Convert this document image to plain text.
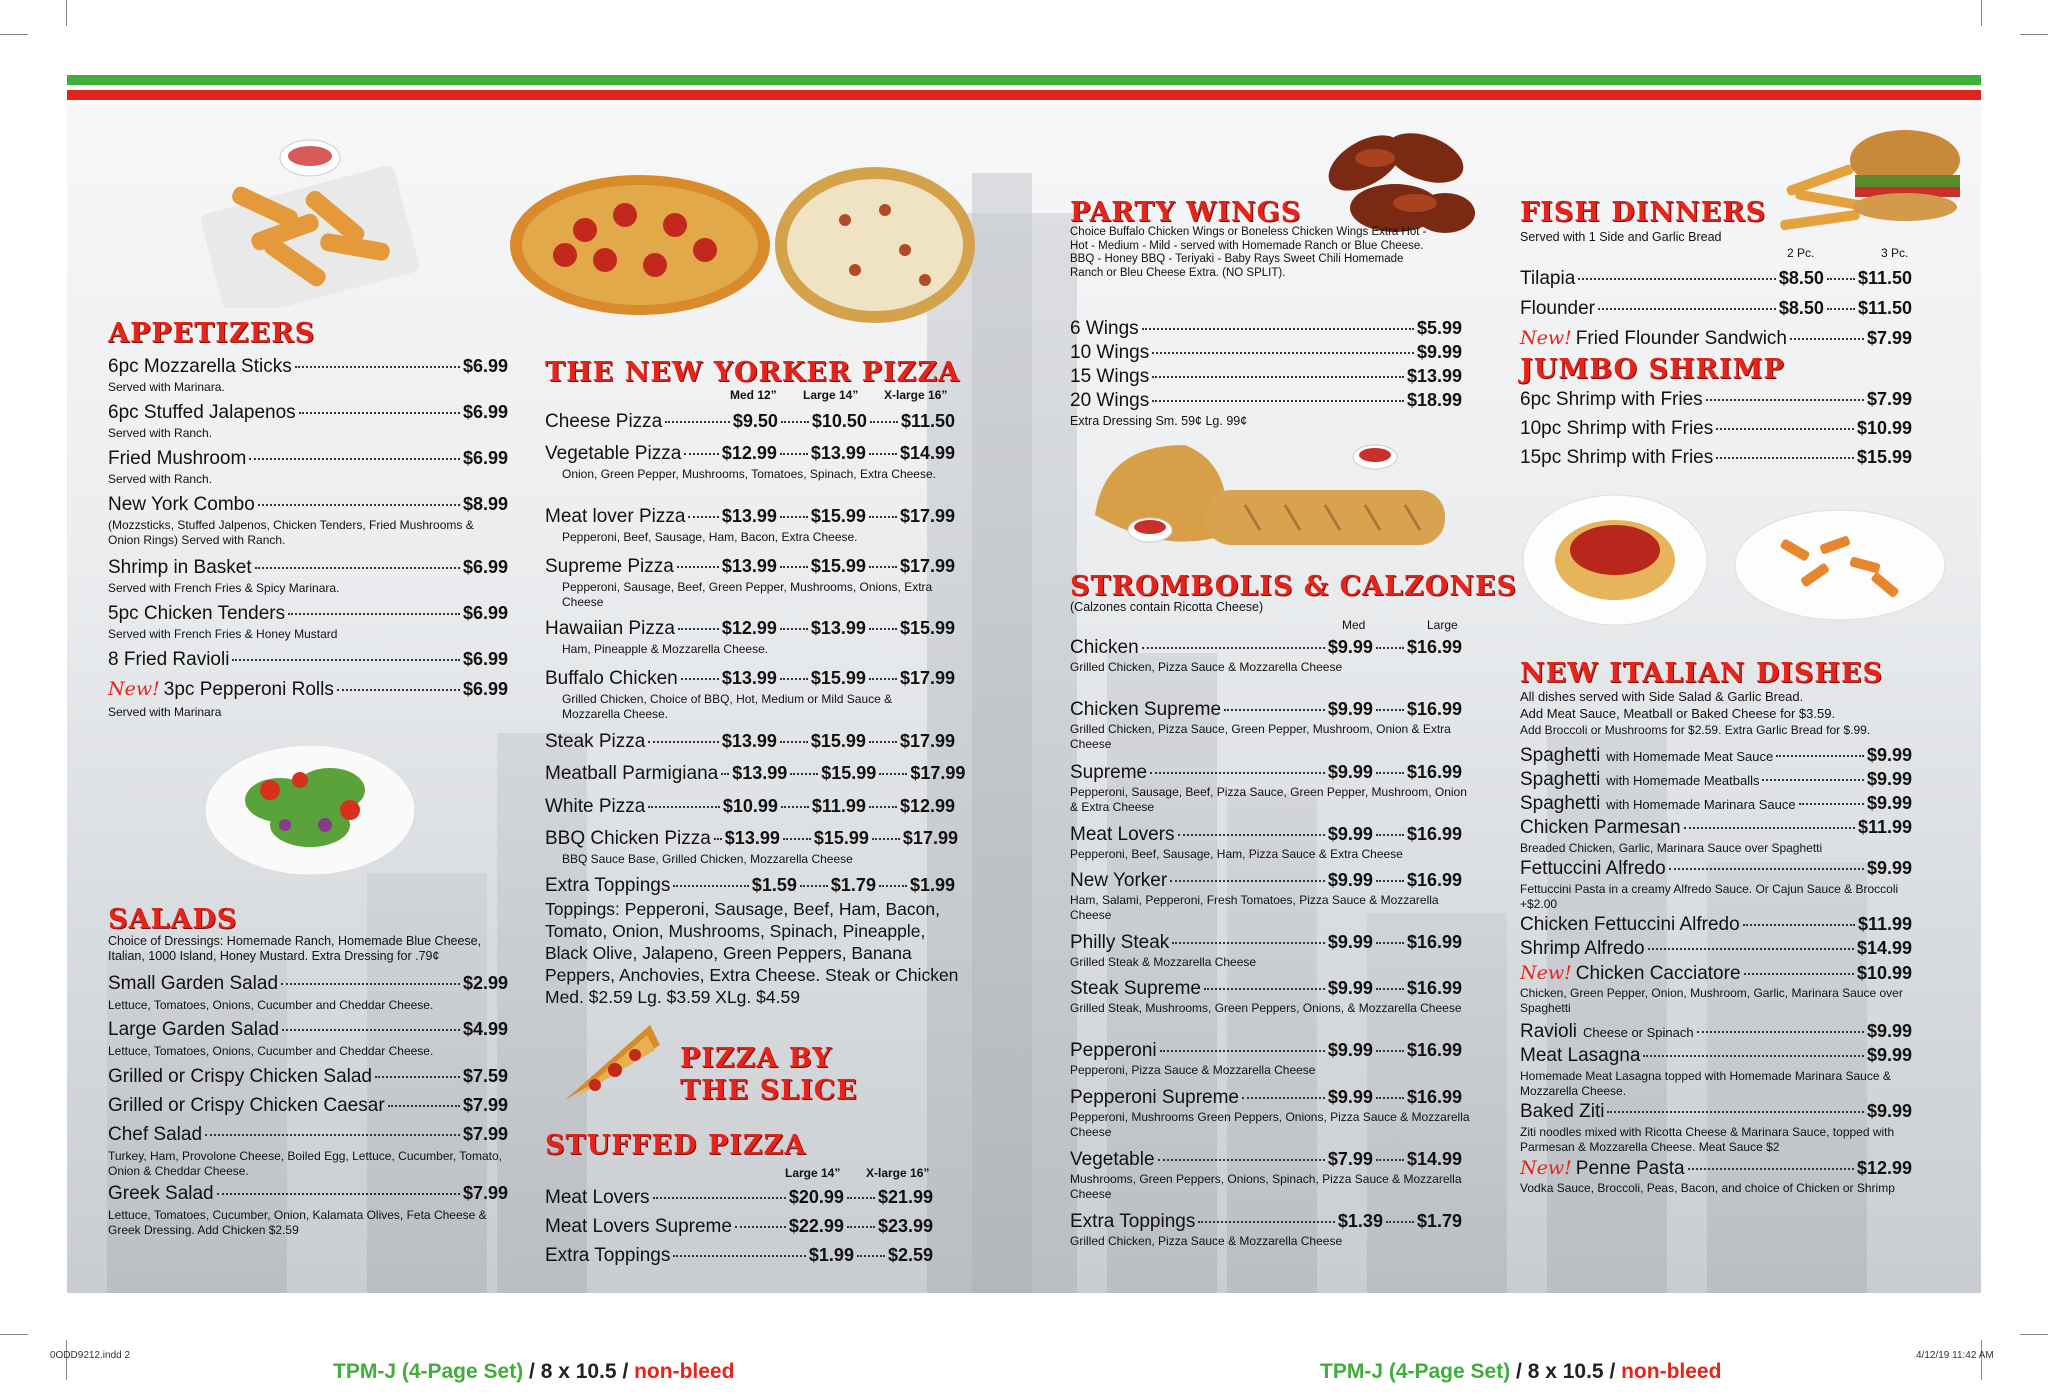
APPETIZERS
6pc Mozzarella Sticks	$6.99
Served with Marinara.
6pc Stuffed Jalapenos	$6.99
Served with Ranch.
Fried Mushroom	$6.99
Served with Ranch.
New York Combo	$8.99
(Mozzsticks, Stuffed Jalpenos, Chicken Tenders, Fried Mushrooms & Onion Rings) Served with Ranch.
Shrimp in Basket	$6.99
Served with French Fries & Spicy Marinara.
5pc Chicken Tenders	$6.99
Served with French Fries & Honey Mustard
8 Fried Ravioli	$6.99
New! 3pc Pepperoni Rolls	$6.99
Served with Marinara
SALADS
Choice of Dressings: Homemade Ranch, Homemade Blue Cheese, Italian, 1000 Island, Honey Mustard. Extra Dressing for .79¢
Small Garden Salad	$2.99
Lettuce, Tomatoes, Onions, Cucumber and Cheddar Cheese.
Large Garden Salad	$4.99
Lettuce, Tomatoes, Onions, Cucumber and Cheddar Cheese.
Grilled or Crispy Chicken Salad	$7.59
Grilled or Crispy Chicken Caesar	$7.99
Chef Salad	$7.99
Turkey, Ham, Provolone Cheese, Boiled Egg, Lettuce, Cucumber, Tomato, Onion & Cheddar Cheese.
Greek Salad	$7.99
Lettuce, Tomatoes, Cucumber, Onion, Kalamata Olives, Feta Cheese & Greek Dressing. Add Chicken $2.59
THE NEW YORKER PIZZA
Med 12” Large 14” X-large 16”
Cheese Pizza	$9.50 $10.50 $11.50
Vegetable Pizza $12.99 $13.99 $14.99
Onion, Green Pepper, Mushrooms, Tomatoes, Spinach, Extra Cheese.
Meat lover Pizza $13.99 $15.99 $17.99
Pepperoni, Beef, Sausage, Ham, Bacon, Extra Cheese.
Supreme Pizza	$13.99 $15.99 $17.99
Pepperoni, Sausage, Beef, Green Pepper, Mushrooms, Onions, Extra Cheese
Hawaiian Pizza	$12.99 $13.99 $15.99
Ham, Pineapple & Mozzarella Cheese.
Buffalo Chicken $13.99 $15.99 $17.99
Grilled Chicken, Choice of BBQ, Hot, Medium or Mild Sauce & Mozzarella Cheese.
Steak Pizza	$13.99 $15.99 $17.99
Meatball Parmigiana $13.99 $15.99 $17.99
White Pizza	$10.99 $11.99 $12.99
BBQ Chicken Pizza $13.99 $15.99 $17.99
BBQ Sauce Base, Grilled Chicken, Mozzarella Cheese
Extra Toppings	$1.59 $1.79 $1.99
Toppings: Pepperoni, Sausage, Beef, Ham, Bacon, Tomato, Onion, Mushrooms, Spinach, Pineapple, Black Olive, Jalapeno, Green Peppers, Banana Peppers, Anchovies, Extra Cheese. Steak or Chicken Med. $2.59 Lg. $3.59 XLg. $4.59
PIZZA BY
THE SLICE
STUFFED PIZZA
Large 14” X-large 16”
Meat Lovers	$20.99 $21.99
Meat Lovers Supreme	$22.99 $23.99
Extra Toppings	$1.99 $2.59
PARTY WINGS
Choice Buffalo Chicken Wings or Boneless Chicken Wings Extra Hot - Hot - Medium - Mild - served with Homemade Ranch or Blue Cheese. BBQ - Honey BBQ - Teriyaki - Baby Rays Sweet Chili Homemade Ranch or Bleu Cheese Extra. (NO SPLIT).
6 Wings	$5.99
10 Wings	$9.99
15 Wings	$13.99
20 Wings	$18.99
Extra Dressing Sm. 59¢ Lg. 99¢
STROMBOLIS & CALZONES
(Calzones contain Ricotta Cheese)
Med	Large
Chicken	$9.99 $16.99
Grilled Chicken, Pizza Sauce & Mozzarella Cheese
Chicken Supreme	$9.99 $16.99
Grilled Chicken, Pizza Sauce, Green Pepper, Mushroom, Onion & Extra Cheese
Supreme	$9.99 $16.99
Pepperoni, Sausage, Beef, Pizza Sauce, Green Pepper, Mushroom, Onion & Extra Cheese
Meat Lovers	$9.99 $16.99
Pepperoni, Beef, Sausage, Ham, Pizza Sauce & Extra Cheese
New Yorker	$9.99 $16.99
Ham, Salami, Pepperoni, Fresh Tomatoes, Pizza Sauce & Mozzarella Cheese
Philly Steak	$9.99 $16.99
Grilled Steak & Mozzarella Cheese
Steak Supreme	$9.99 $16.99
Grilled Steak, Mushrooms, Green Peppers, Onions, & Mozzarella Cheese
Pepperoni	$9.99 $16.99
Pepperoni, Pizza Sauce & Mozzarella Cheese
Pepperoni Supreme	$9.99 $16.99
Pepperoni, Mushrooms Green Peppers, Onions, Pizza Sauce & Mozzarella Cheese
Vegetable	$7.99 $14.99
Mushrooms, Green Peppers, Onions, Spinach, Pizza Sauce & Mozzarella Cheese
Extra Toppings	$1.39 $1.79
Grilled Chicken, Pizza Sauce & Mozzarella Cheese
FISH DINNERS
Served with 1 Side and Garlic Bread
2 Pc.	3 Pc.
Tilapia	$8.50 $11.50
Flounder	$8.50 $11.50
New! Fried Flounder Sandwich	$7.99
JUMBO SHRIMP
6pc Shrimp with Fries	$7.99
10pc Shrimp with Fries	$10.99
15pc Shrimp with Fries	$15.99
NEW ITALIAN DISHES
All dishes served with Side Salad & Garlic Bread.
Add Meat Sauce, Meatball or Baked Cheese for $3.59.
Add Broccoli or Mushrooms for $2.59. Extra Garlic Bread for $.99.
Spaghetti with Homemade Meat Sauce	$9.99
Spaghetti with Homemade Meatballs	$9.99
Spaghetti with Homemade Marinara Sauce	$9.99
Chicken Parmesan	$11.99
Breaded Chicken, Garlic, Marinara Sauce over Spaghetti
Fettuccini Alfredo	$9.99
Fettuccini Pasta in a creamy Alfredo Sauce. Or Cajun Sauce & Broccoli +$2.00
Chicken Fettuccini Alfredo	$11.99
Shrimp Alfredo	$14.99
New! Chicken Cacciatore	$10.99
Chicken, Green Pepper, Onion, Mushroom, Garlic, Marinara Sauce over Spaghetti
Ravioli Cheese or Spinach	$9.99
Meat Lasagna	$9.99
Homemade Meat Lasagna topped with Homemade Marinara Sauce & Mozzarella Cheese.
Baked Ziti	$9.99
Ziti noodles mixed with Ricotta Cheese & Marinara Sauce, topped with Parmesan & Mozzarella Cheese. Meat Sauce $2
New! Penne Pasta	$12.99
Vodka Sauce, Broccoli, Peas, Bacon, and choice of Chicken or Shrimp
0ODD9212.indd 2	4/12/19 11:42 AM
TPM-J (4-Page Set) / 8 x 10.5 / non-bleed	TPM-J (4-Page Set) / 8 x 10.5 / non-bleed
